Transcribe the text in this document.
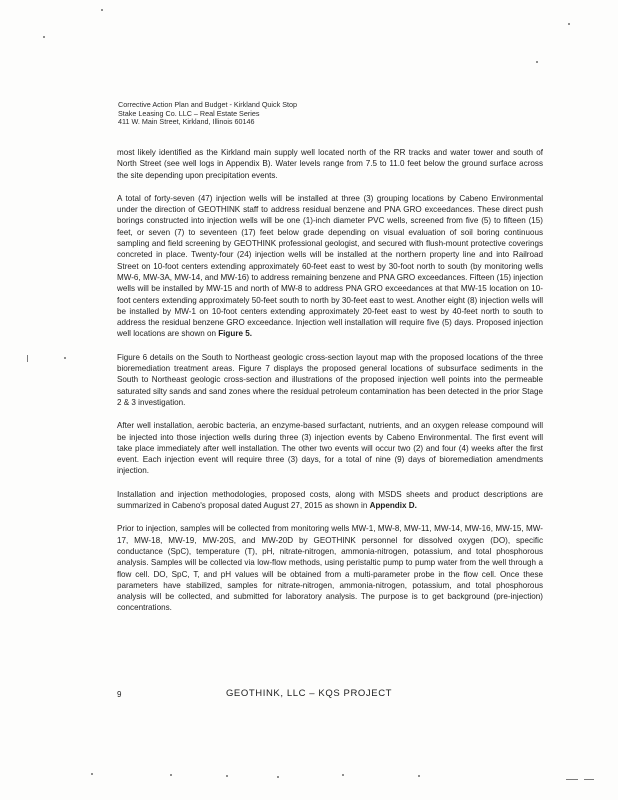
Corrective Action Plan and Budget - Kirkland Quick Stop
Stake Leasing Co. LLC – Real Estate Series
411 W. Main Street, Kirkland, Illinois 60146

most likely identified as the Kirkland main supply well located north of the RR tracks and water tower and south of North Street (see well logs in Appendix B). Water levels range from 7.5 to 11.0 feet below the ground surface across the site depending upon precipitation events.

A total of forty-seven (47) injection wells will be installed at three (3) grouping locations by Cabeno Environmental under the direction of GEOTHINK staff to address residual benzene and PNA GRO exceedances. These direct push borings constructed into injection wells will be one (1)-inch diameter PVC wells, screened from five (5) to fifteen (15) feet, or seven (7) to seventeen (17) feet below grade depending on visual evaluation of soil boring continuous sampling and field screening by GEOTHINK professional geologist, and secured with flush-mount protective coverings concreted in place. Twenty-four (24) injection wells will be installed at the northern property line and into Railroad Street on 10-foot centers extending approximately 60-feet east to west by 30-foot north to south (by monitoring wells MW-6, MW-3A, MW-14, and MW-16) to address remaining benzene and PNA GRO exceedances. Fifteen (15) injection wells will be installed by MW-15 and north of MW-8 to address PNA GRO exceedances at that MW-15 location on 10-foot centers extending approximately 50-feet south to north by 30-feet east to west. Another eight (8) injection wells will be installed by MW-1 on 10-foot centers extending approximately 20-feet east to west by 40-feet north to south to address the residual benzene GRO exceedance. Injection well installation will require five (5) days. Proposed injection well locations are shown on Figure 5.

Figure 6 details on the South to Northeast geologic cross-section layout map with the proposed locations of the three bioremediation treatment areas. Figure 7 displays the proposed general locations of subsurface sediments in the South to Northeast geologic cross-section and illustrations of the proposed injection well points into the permeable saturated silty sands and sand zones where the residual petroleum contamination has been detected in the prior Stage 2 & 3 investigation.

After well installation, aerobic bacteria, an enzyme-based surfactant, nutrients, and an oxygen release compound will be injected into those injection wells during three (3) injection events by Cabeno Environmental. The first event will take place immediately after well installation. The other two events will occur two (2) and four (4) weeks after the first event. Each injection event will require three (3) days, for a total of nine (9) days of bioremediation amendments injection.

Installation and injection methodologies, proposed costs, along with MSDS sheets and product descriptions are summarized in Cabeno's proposal dated August 27, 2015 as shown in Appendix D.

Prior to injection, samples will be collected from monitoring wells MW-1, MW-8, MW-11, MW-14, MW-16, MW-15, MW-17, MW-18, MW-19, MW-20S, and MW-20D by GEOTHINK personnel for dissolved oxygen (DO), specific conductance (SpC), temperature (T), pH, nitrate-nitrogen, ammonia-nitrogen, potassium, and total phosphorous analysis. Samples will be collected via low-flow methods, using peristaltic pump to pump water from the well through a flow cell. DO, SpC, T, and pH values will be obtained from a multi-parameter probe in the flow cell. Once these parameters have stabilized, samples for nitrate-nitrogen, ammonia-nitrogen, potassium, and total phosphorous analysis will be collected, and submitted for laboratory analysis. The purpose is to get background (pre-injection) concentrations.

9	GEOTHINK, LLC – KQS PROJECT
